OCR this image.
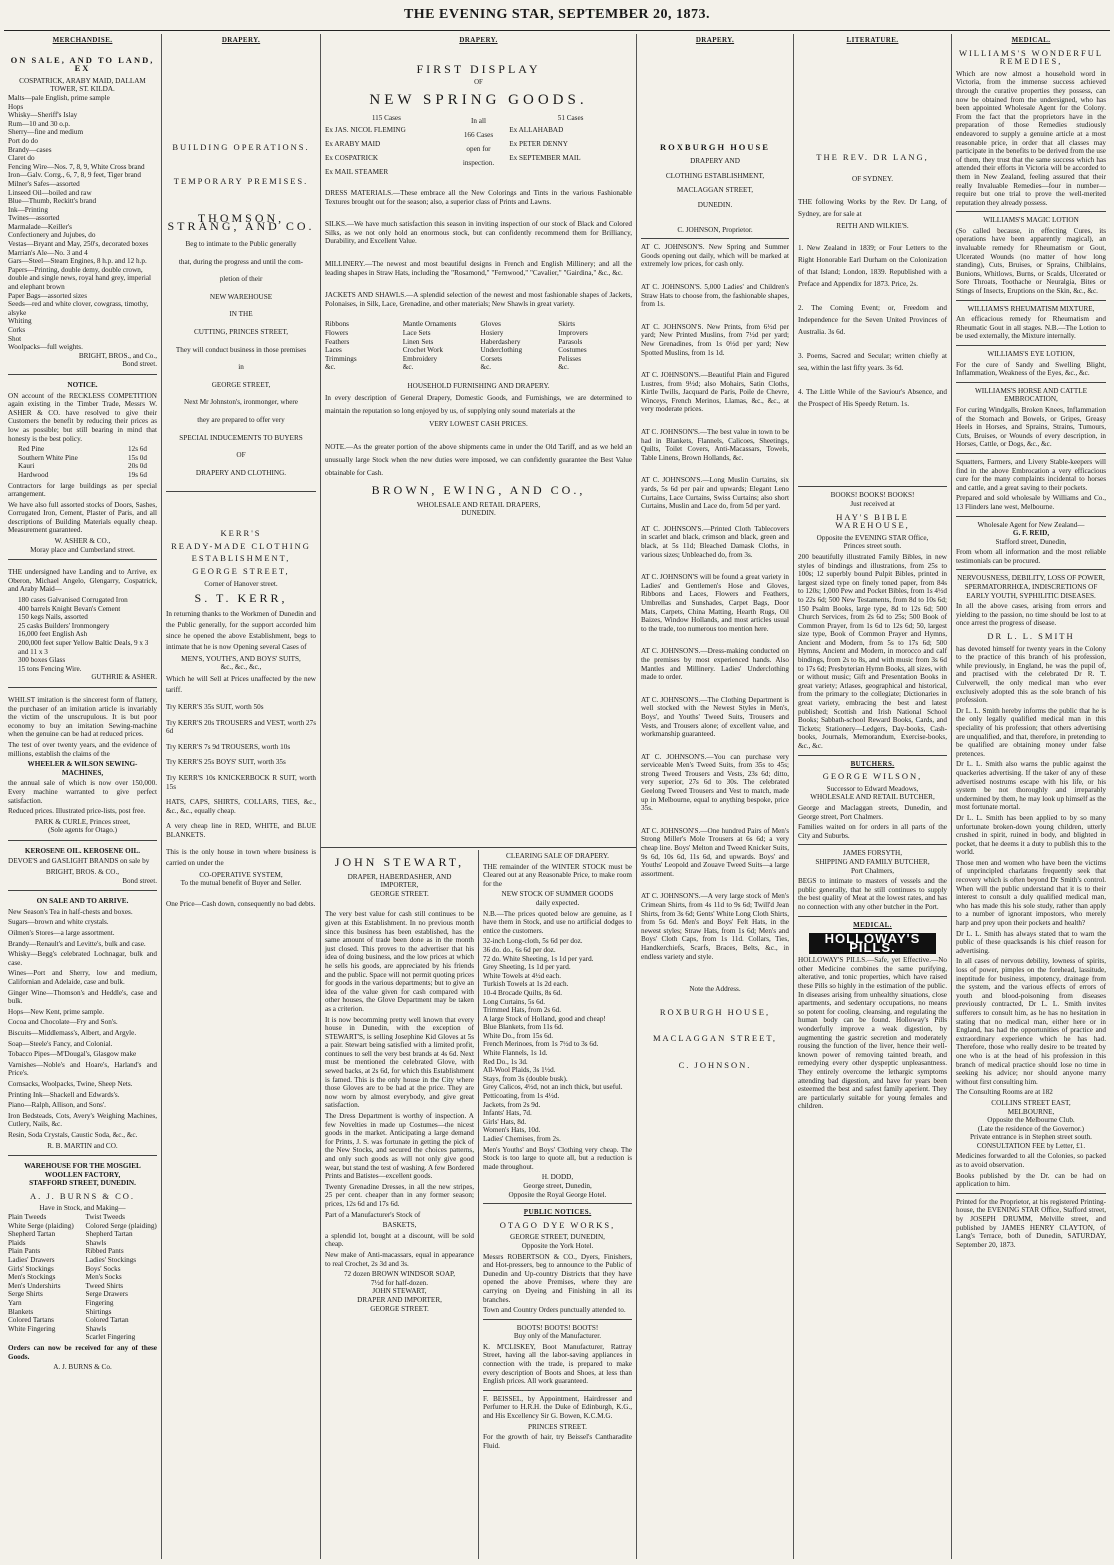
THE EVENING STAR, SEPTEMBER 20, 1873.
MERCHANDISE.
ON SALE, AND TO LAND, EX
COSPATRICK, ARABY MAID, DALLAM TOWER, ST. KILDA.
Malts—pale English, prime sample
Hops
Whisky—Sheriff's Islay
Rum—10 and 30 o.p.
Sherry—fine and medium
Port do do
Brandy—cases
Claret do
Fencing Wire—Nos. 7, 8, 9, White Cross brand
Iron—Galv. Corrg., 6, 7, 8, 9 feet, Tiger brand
Milner's Safes—assorted
Linseed Oil—boiled and raw
Blue—Thumb, Reckitt's brand
Ink—Printing
Twines—assorted
Marmalade—Keiller's
Confectionery and Jujubes, do
Vestas—Bryant and May, 250's, decorated boxes
Marrian's Ale—No. 3 and 4
Gars—Steel—Steam Engines, 8 h.p. and 12 h.p.
Papers—Printing, double demy, double crown, double and single news, royal hand grey, imperial and elephant brown
Paper Bags—assorted sizes
Seeds—red and white clover, cowgrass, timothy, alsyke
Whiting
Corks
Shot
Woolpacks—full weights.
BRIGHT, BROS., and Co.,
Bond street.
NOTICE.
ON account of the RECKLESS COMPETITION again existing in the Timber Trade, Messrs W. ASHER & CO. have resolved to give their Customers the benefit by reducing their prices as low as possible; but still bearing in mind that honesty is the best policy.
Red Pine	12s 6d
Southern White Pine	15s 0d
Kauri	20s 0d
Hardwood	19s 6d
Contractors for large buildings as per special arrangement.
We have also full assorted stocks of Doors, Sashes, Corrugated Iron, Cement, Plaster of Paris, and all descriptions of Building Materials equally cheap. Measurement guaranteed.
W. ASHER & CO.,
Moray place and Cumberland street.
THE undersigned have Landing and to Arrive, ex Oberon, Michael Angelo, Glengarry, Cospatrick, and Araby Maid—
180 cases Galvanised Corrugated Iron
400 barrels Knight Bevan's Cement
150 kegs Nails, assorted
25 casks Builders' Ironmongery
16,000 feet English Ash
200,000 feet super Yellow Baltic Deals, 9 x 3 and 11 x 3
300 boxes Glass
15 tons Fencing Wire.
GUTHRIE & ASHER.
WHILST imitation is the sincerest form of flattery, the purchaser of an imitation article is invariably the victim of the unscrupulous. It is but poor economy to buy an imitation Sewing-machine when the genuine can be had at reduced prices.
The test of over twenty years, and the evidence of millions, establish the claims of the
WHEELER & WILSON SEWING-MACHINES,
the annual sale of which is now over 150,000. Every machine warranted to give perfect satisfaction.
Reduced prices. Illustrated price-lists, post free.
PARK & CURLE, Princes street,
(Sole agents for Otago.)
KEROSENE OIL. KEROSENE OIL.
DEVOE'S and GASLIGHT BRANDS on sale by
BRIGHT, BROS. & CO.,
Bond street.
ON SALE AND TO ARRIVE.
New Season's Tea in half-chests and boxes.
Sugars—brown and white crystals.
Oilmen's Stores—a large assortment.
Brandy—Renault's and Levitte's, bulk and case.
Whisky—Begg's celebrated Lochnagar, bulk and case.
Wines—Port and Sherry, low and medium, Californian and Adelaide, case and bulk.
Ginger Wine—Thomson's and Heddle's, case and bulk.
Hops—New Kent, prime sample.
Cocoa and Chocolate—Fry and Son's.
Biscuits—Middlemass's, Albert, and Argyle.
Soap—Steele's Fancy, and Colonial.
Tobacco Pipes—M'Dougal's, Glasgow make
Varnishes—Noble's and Hoare's, Harland's and Price's.
Cornsacks, Woolpacks, Twine, Sheep Nets.
Printing Ink—Shackell and Edwards's.
Piano—Ralph, Allison, and Sons'.
Iron Bedsteads, Cots, Avery's Weighing Machines, Cutlery, Nails, &c.
Resin, Soda Crystals, Caustic Soda, &c., &c.
R. B. MARTIN and CO.
WAREHOUSE FOR THE MOSGIEL WOOLLEN FACTORY,
STAFFORD STREET, DUNEDIN.
A. J. BURNS & CO.
Have in Stock, and Making—
Plain Tweeds
White Serge (plaiding)
Shepherd Tartan
Plaids
Plain Pants
Ladies' Drawers
Girls' Stockings
Men's Stockings
Men's Undershirts
Serge Shirts
Yarn
Blankets
Colored Tartans
White Fingering
Twist Tweeds
Colored Serge (plaiding)
Shepherd Tartan
Shawls
Ribbed Pants
Ladies' Stockings
Boys' Socks
Men's Socks
Tweed Shirts
Serge Drawers
Fingering
Shirtings
Colored Tartan
Shawls
Scarlet Fingering
Orders can now be received for any of these Goods.
A. J. BURNS & Co.
DRAPERY.
BUILDING OPERATIONS.
TEMPORARY PREMISES.
THOMSON, STRANG, AND CO.
Beg to intimate to the Public generally
that, during the progress and until the com-
pletion of their
NEW WAREHOUSE
IN THE
CUTTING, PRINCES STREET,
They will conduct business in those premises
in
GEORGE STREET,
Next Mr Johnston's, ironmonger, where
they are prepared to offer very
SPECIAL INDUCEMENTS TO BUYERS
OF
DRAPERY AND CLOTHING.
KERR'S
READY-MADE CLOTHING
ESTABLISHMENT,
GEORGE STREET,
Corner of Hanover street.
S. T. KERR,
In returning thanks to the Workmen of Dunedin and the Public generally, for the support accorded him since he opened the above Establishment, begs to intimate that he is now Opening several Cases of
MEN'S, YOUTH'S, AND BOYS' SUITS,
&c., &c., &c.,
Which he will Sell at Prices unaffected by the new tariff.
Try KERR'S 35s SUIT, worth 50s
Try KERR'S 20s TROUSERS and VEST, worth 27s 6d
Try KERR'S 7s 9d TROUSERS, worth 10s
Try KERR'S 25s BOYS' SUIT, worth 35s
Try KERR'S 10s KNICKERBOCK R SUIT, worth 15s
HATS, CAPS, SHIRTS, COLLARS, TIES, &c., &c., &c., equally cheap.
A very cheap line in RED, WHITE, and BLUE BLANKETS.
This is the only house in town where business is carried on under the
CO-OPERATIVE SYSTEM,
To the mutual benefit of Buyer and Seller.
One Price—Cash down, consequently no bad debts.
DRAPERY.
FIRST DISPLAY
OF
NEW SPRING GOODS.
115 Cases
Ex JAS. NICOL FLEMING
Ex ARABY MAID
Ex COSPATRICK
Ex MAIL STEAMER
In all
166 Cases
open for
inspection.
51 Cases
Ex ALLAHABAD
Ex PETER DENNY
Ex SEPTEMBER MAIL
DRESS MATERIALS.—These embrace all the New Colorings and Tints in the various Fashionable Textures brought out for the season; also, a superior class of Prints and Lawns.
SILKS.—We have much satisfaction this season in inviting inspection of our stock of Black and Colored Silks, as we not only hold an enormous stock, but can confidently recommend them for Brilliancy, Durability, and Excellent Value.
MILLINERY.—The newest and most beautiful designs in French and English Millinery; and all the leading shapes in Straw Hats, including the "Rosamond," "Fernwood," "Cavalier," "Gairdina," &c., &c.
JACKETS AND SHAWLS.—A splendid selection of the newest and most fashionable shapes of Jackets, Polonaises, in Silk, Lace, Grenadine, and other materials; New Shawls in great variety.
Ribbons
Flowers
Feathers
Laces
Trimmings
&c.
Mantle Ornaments
Lace Sets
Linen Sets
Crochet Work
Embroidery
&c.
Gloves
Hosiery
Haberdashery
Underclothing
Corsets
&c.
Skirts
Improvers
Parasols
Costumes
Pelisses
&c.
HOUSEHOLD FURNISHING AND DRAPERY.
In every description of General Drapery, Domestic Goods, and Furnishings, we are determined to maintain the reputation so long enjoyed by us, of supplying only sound materials at the
VERY LOWEST CASH PRICES.
NOTE.—As the greater portion of the above shipments came in under the Old Tariff, and as we held an unusually large Stock when the new duties were imposed, we can confidently guarantee the Best Value obtainable for Cash.
BROWN, EWING, AND CO.,
WHOLESALE AND RETAIL DRAPERS,
DUNEDIN.
JOHN STEWART,
DRAPER, HABERDASHER, AND
IMPORTER,
GEORGE STREET.
The very best value for cash still continues to be given at this Establishment. In no previous month since this business has been established, has the same amount of trade been done as in the month just closed. This proves to the advertiser that his idea of doing business, and the low prices at which he sells his goods, are appreciated by his friends and the public. Space will not permit quoting prices for goods in the various departments; but to give an idea of the value given for cash compared with other houses, the Glove Department may be taken as a criterion.
It is now becomming pretty well known that every house in Dunedin, with the exception of STEWART'S, is selling Josephine Kid Gloves at 5s a pair. Stewart being satisfied with a limited profit, continues to sell the very best brands at 4s 6d. Next must be mentioned the celebrated Glove, with sewed backs, at 2s 6d, for which this Establishment is famed. This is the only house in the City where those Gloves are to be had at the price. They are now worn by almost everybody, and give great satisfaction.
The Dress Department is worthy of inspection. A few Novelties in made up Costumes—the nicest goods in the market. Anticipating a large demand for Prints, J. S. was fortunate in getting the pick of the New Stocks, and secured the choices patterns, and only such goods as will not only give good wear, but stand the test of washing. A few Bordered Prints and Batistes—excellent goods.
Twenty Grenadine Dresses, in all the new stripes, 25 per cent. cheaper than in any former season; prices, 12s 6d and 17s 6d.
Part of a Manufacturer's Stock of
BASKETS,
a splendid lot, bought at a discount, will be sold cheap.
New make of Anti-macassars, equal in appearance to real Crochet, 2s 3d and 3s.
72 dozen BROWN WINDSOR SOAP,
7½d for half-dozen.
JOHN STEWART,
DRAPER AND IMPORTER,
GEORGE STREET.
CLEARING SALE OF DRAPERY.
THE remainder of the WINTER STOCK must be Cleared out at any Reasonable Price, to make room for the
NEW STOCK OF SUMMER GOODS
daily expected.
N.B.—The prices quoted below are genuine, as I have them in Stock, and use no artificial dodges to entice the customers.
32-inch Long-cloth, 5s 6d per doz.
36 do. do., 6s 6d per doz.
72 do. White Sheeting, 1s 1d per yard.
Grey Sheeting, 1s 1d per yard.
White Towels at 4½d each.
Turkish Towels at 1s 2d each.
10-4 Brocade Quilts, 8s 6d.
Long Curtains, 5s 6d.
Trimmed Hats, from 2s 6d.
A large Stock of Holland, good and cheap!
Blue Blankets, from 11s 6d.
White Do., from 15s 6d.
French Merinoes, from 1s 7½d to 3s 6d.
White Flannels, 1s 1d.
Red Do., 1s 3d.
All-Wool Plaids, 3s 1½d.
Stays, from 3s (double busk).
Grey Calicos, 4½d, not an inch thick, but useful.
Petticoating, from 1s 4½d.
Jackets, from 2s 9d.
Infants' Hats, 7d.
Girls' Hats, 8d.
Women's Hats, 10d.
Ladies' Chemises, from 2s.
Men's Youths' and Boys' Clothing very cheap. The Stock is too large to quote all, but a reduction is made throughout.
H. DODD,
George street, Dunedin,
Opposite the Royal George Hotel.
PUBLIC NOTICES.
OTAGO DYE WORKS,
GEORGE STREET, DUNEDIN,
Opposite the York Hotel.
Messrs ROBERTSON & CO., Dyers, Finishers, and Hot-pressers, beg to announce to the Public of Dunedin and Up-country Districts that they have opened the above Premises, where they are carrying on Dyeing and Finishing in all its branches.
Town and Country Orders punctually attended to.
BOOTS! BOOTS! BOOTS!
Buy only of the Manufacturer.
K. M'CLISKEY, Boot Manufacturer, Rattray Street, having all the labor-saving appliances in connection with the trade, is prepared to make every description of Boots and Shoes, at less than English prices. All work guaranteed.
F. BEISSEL, by Appointment, Hairdresser and Perfumer to H.R.H. the Duke of Edinburgh, K.G., and His Excellency Sir G. Bowen, K.C.M.G.
PRINCES STREET.
For the growth of hair, try Beissel's Cantharadite Fluid.
DRAPERY.
ROXBURGH HOUSE
DRAPERY AND
CLOTHING ESTABLISHMENT,
MACLAGGAN STREET,
DUNEDIN.
C. JOHNSON, Proprietor.
AT C. JOHNSON'S. New Spring and Summer Goods opening out daily, which will be marked at extremely low prices, for cash only.
AT C. JOHNSON'S. 5,000 Ladies' and Children's Straw Hats to choose from, the fashionable shapes, from 1s.
AT C. JOHNSON'S. New Prints, from 6½d per yard; New Printed Muslins, from 7½d per yard; New Grenadines, from 1s 0½d per yard; New Spotted Muslins, from 1s 1d.
AT C. JOHNSON'S.—Beautiful Plain and Figured Lustres, from 9½d; also Mohairs, Satin Cloths, Kirtle Twills, Jacquard de Paris, Poile de Chevre, Winceys, French Merinos, Llamas, &c., &c., at very moderate prices.
AT C. JOHNSON'S.—The best value in town to be had in Blankets, Flannels, Calicoes, Sheetings, Quilts, Toilet Covers, Anti-Macassars, Towels, Table Linens, Brown Hollands, &c.
AT C. JOHNSON'S.—Long Muslin Curtains, six yards, 5s 6d per pair and upwards; Elegant Leno Curtains, Lace Curtains, Swiss Curtains; also short Curtains, Muslin and Lace do, from 5d per yard.
AT C. JOHNSON'S.—Printed Cloth Tablecovers in scarlet and black, crimson and black, green and black, at 5s 11d; Bleached Damask Cloths, in various sizes; Unbleached do, from 3s.
AT C. JOHNSON'S will be found a great variety in Ladies' and Gentlemen's Hose and Gloves, Ribbons and Laces, Flowers and Feathers, Umbrellas and Sunshades, Carpet Bags, Door Mats, Carpets, China Matting, Hearth Rugs, Oil Baizes, Window Hollands, and most articles usual to the trade, too numerous too mention here.
AT C. JOHNSON'S.—Dress-making conducted on the premises by most experienced hands. Also Mantles and Millinery. Ladies' Underclothing made to order.
AT C. JOHNSON'S.—The Clothing Department is well stocked with the Newest Styles in Men's, Boys', and Youths' Tweed Suits, Trousers and Vests, and Trousers alone; of excellent value, and workmanship guaranteed.
AT C. JOHNSON'S.—You can purchase very serviceable Men's Tweed Suits, from 35s to 45s; strong Tweed Trousers and Vests, 23s 6d; ditto, very superior, 27s 6d to 30s. The celebrated Geelong Tweed Trousers and Vest to match, made up in Melbourne, equal to anything bespoke, price 35s.
AT C. JOHNSON'S.—One hundred Pairs of Men's Strong Miller's Mole Trousers at 6s 6d; a very cheap line. Boys' Melton and Tweed Knicker Suits, 9s 6d, 10s 6d, 11s 6d, and upwards. Boys' and Youths' Leopold and Zouave Tweed Suits—a large assortment.
AT C. JOHNSON'S.—A very large stock of Men's Crimean Shirts, from 4s 11d to 9s 6d; Twill'd Jean Shirts, from 3s 6d; Gents' White Long Cloth Shirts, from 5s 6d. Men's and Boys' Felt Hats, in the newest styles; Straw Hats, from 1s 6d; Men's and Boys' Cloth Caps, from 1s 11d. Collars, Ties, Handkerchiefs, Scarfs, Braces, Belts, &c., in endless variety and style.
Note the Address.
ROXBURGH HOUSE,
MACLAGGAN STREET,
C. JOHNSON.
LITERATURE.
THE REV. DR LANG,
OF SYDNEY.
THE following Works by the Rev. Dr Lang, of Sydney, are for sale at
REITH AND WILKIE'S.
1. New Zealand in 1839; or Four Letters to the Right Honorable Earl Durham on the Colonization of that Island; London, 1839. Republished with a Preface and Appendix for 1873. Price, 2s.
2. The Coming Event; or, Freedom and Independence for the Seven United Provinces of Australia. 3s 6d.
3. Poems, Sacred and Secular; written chiefly at sea, within the last fifty years. 3s 6d.
4. The Little While of the Saviour's Absence, and the Prospect of His Speedy Return. 1s.
BOOKS! BOOKS! BOOKS!
Just received at
HAY'S BIBLE WAREHOUSE,
Opposite the EVENING STAR Office,
Princes street south.
200 beautifully illustrated Family Bibles, in new styles of bindings and illustrations, from 25s to 100s; 12 superbly bound Pulpit Bibles, printed in largest sized type on finely toned paper, from 84s to 120s; 1,000 Pew and Pocket Bibles, from 1s 4½d to 22s 6d; 500 New Testaments, from 8d to 10s 6d; 150 Psalm Books, large type, 8d to 12s 6d; 500 Church Services, from 2s 6d to 25s; 500 Book of Common Prayer, from 1s 6d to 12s 6d; 50, largest size type, Book of Common Prayer and Hymns, Ancient and Modern, from 5s to 17s 6d; 500 Hymns, Ancient and Modern, in morocco and calf bindings, from 2s to 8s, and with music from 3s 6d to 17s 6d; Presbyterian Hymn Books, all sizes, with or without music; Gift and Presentation Books in great variety; Atlases, geographical and historical, from the primary to the collegiate; Dictionaries in great variety, embracing the best and latest published; Scottish and Irish National School Books; Sabbath-school Reward Books, Cards, and Tickets; Stationery—Ledgers, Day-books, Cash-books, Journals, Memorandum, Exercise-books, &c., &c.
BUTCHERS.
GEORGE WILSON,
Successor to Edward Meadows,
WHOLESALE AND RETAIL BUTCHER,
George and Maclaggan streets, Dunedin, and George street, Port Chalmers.
Families waited on for orders in all parts of the City and Suburbs.
JAMES FORSYTH,
SHIPPING AND FAMILY BUTCHER,
Port Chalmers,
BEGS to intimate to masters of vessels and the public generally, that he still continues to supply the best quality of Meat at the lowest rates, and has no connection with any other butcher in the Port.
MEDICAL.
HOLLOWAY'S PILLS.
HOLLOWAY'S PILLS.—Safe, yet Effective.—No other Medicine combines the same purifying, alterative, and tonic properties, which have raised these Pills so highly in the estimation of the public. In diseases arising from unhealthy situations, close apartments, and sedentary occupations, no means so potent for cooling, cleansing, and regulating the human body can be found. Holloway's Pills wonderfully improve a weak digestion, by augmenting the gastric secretion and moderately rousing the function of the liver, hence their well-known power of removing tainted breath, and remedying every other dyspeptic unpleasantness. They entirely overcome the lethargic symptoms attending bad digestion, and have for years been esteemed the best and safest family aperient. They are particularly suitable for young females and children.
MEDICAL.
WILLIAMS'S WONDERFUL REMEDIES,
Which are now almost a household word in Victoria, from the immense success achieved through the curative properties they possess, can now be obtained from the undersigned, who has been appointed Wholesale Agent for the Colony. From the fact that the proprietors have in the preparation of those Remedies studiously endeavored to supply a genuine article at a most reasonable price, in order that all classes may participate in the benefits to be derived from the use of them, they trust that the same success which has attended their efforts in Victoria will be accorded to them in New Zealand, feeling assured that their really Invaluable Remedies—four in number—require but one trial to prove the well-merited reputation they already possess.
WILLIAMS'S MAGIC LOTION
(So called because, in effecting Cures, its operations have been apparently magical), an invaluable remedy for Rheumatism or Gout, Ulcerated Wounds (no matter of how long standing), Cuts, Bruises, or Sprains, Chilblains, Bunions, Whitlows, Burns, or Scalds, Ulcerated or Sore Throats, Toothache or Neuralgia, Bites or Stings of Insects, Eruptions on the Skin, &c., &c.
WILLIAMS'S RHEUMATISM MIXTURE,
An efficacious remedy for Rheumatism and Rheumatic Gout in all stages. N.B.—The Lotion to be used externally, the Mixture internally.
WILLIAMS'S EYE LOTION,
For the cure of Sandy and Swelling Blight, Inflammation, Weakness of the Eyes, &c., &c.
WILLIAMS'S HORSE AND CATTLE EMBROCATION,
For curing Windgalls, Broken Knees, Inflammation of the Stomach and Bowels, or Gripes, Greasy Heels in Horses, and Sprains, Strains, Tumours, Cuts, Bruises, or Wounds of every description, in Horses, Cattle, or Dogs, &c., &c.
Squatters, Farmers, and Livery Stable-keepers will find in the above Embrocation a very efficacious cure for the many complaints incidental to horses and cattle, and a great saving to their pockets.
Prepared and sold wholesale by Williams and Co., 13 Flinders lane west, Melbourne.
Wholesale Agent for New Zealand—
G. F. REID,
Stafford street, Dunedin,
From whom all information and the most reliable testimonials can be procured.
NERVOUSNESS, DEBILITY, LOSS OF POWER, SPERMATORRHŒA, INDISCRETIONS OF EARLY YOUTH, SYPHILITIC DISEASES.
In all the above cases, arising from errors and yielding to the passion, no time should be lost to at once arrest the progress of disease.
DR L. L. SMITH
has devoted himself for twenty years in the Colony to the practice of this branch of his profession, while previously, in England, he was the pupil of, and practised with the celebrated Dr R. T. Culverwell, the only medical man who ever exclusively adopted this as the sole branch of his profession.
Dr L. L. Smith hereby informs the public that he is the only legally qualified medical man in this speciality of his profession; that others advertising are unqualified, and that, therefore, in pretending to be qualified are obtaining money under false pretences.
Dr L. L. Smith also warns the public against the quackeries advertising. If the taker of any of these advertised nostrums escape with his life, or his system be not thoroughly and irreparably undermined by them, he may look up himself as the most fortunate mortal.
Dr L. L. Smith has been applied to by so many unfortunate broken-down young children, utterly crushed in spirit, ruined in body, and blighted in pocket, that he deems it a duty to publish this to the world.
Those men and women who have been the victims of unprincipled charlatans frequently seek that recovery which is often beyond Dr Smith's control. When will the public understand that it is to their interest to consult a duly qualified medical man, who has made this his sole study, rather than apply to a number of ignorant impostors, who merely harp and prey upon their pockets and health?
Dr L. L. Smith has always stated that to warn the public of these quacksands is his chief reason for advertising.
In all cases of nervous debility, lowness of spirits, loss of power, pimples on the forehead, lassitude, ineptitude for business, impotency, drainage from the system, and the various effects of errors of youth and blood-poisoning from diseases previously contracted, Dr L. L. Smith invites sufferers to consult him, as he has no hesitation in stating that no medical man, either here or in England, has had the opportunities of practice and extraordinary experience which he has had. Therefore, those who really desire to be treated by one who is at the head of his profession in this branch of medical practice should lose no time in seeking his advice; nor should anyone marry without first consulting him.
The Consulting Rooms are at 182
COLLINS STREET EAST,
MELBOURNE,
Opposite the Melbourne Club.
(Late the residence of the Governor.)
Private entrance is in Stephen street south.
CONSULTATION FEE by Letter, £1.
Medicines forwarded to all the Colonies, so packed as to avoid observation.
Books published by the Dr. can be had on application to him.
Printed for the Proprietor, at his registered Printing-house, the EVENING STAR Office, Stafford street, by JOSEPH DRUMM, Melville street, and published by JAMES HENRY CLAYTON, of Lang's Terrace, both of Dunedin, SATURDAY, September 20, 1873.
